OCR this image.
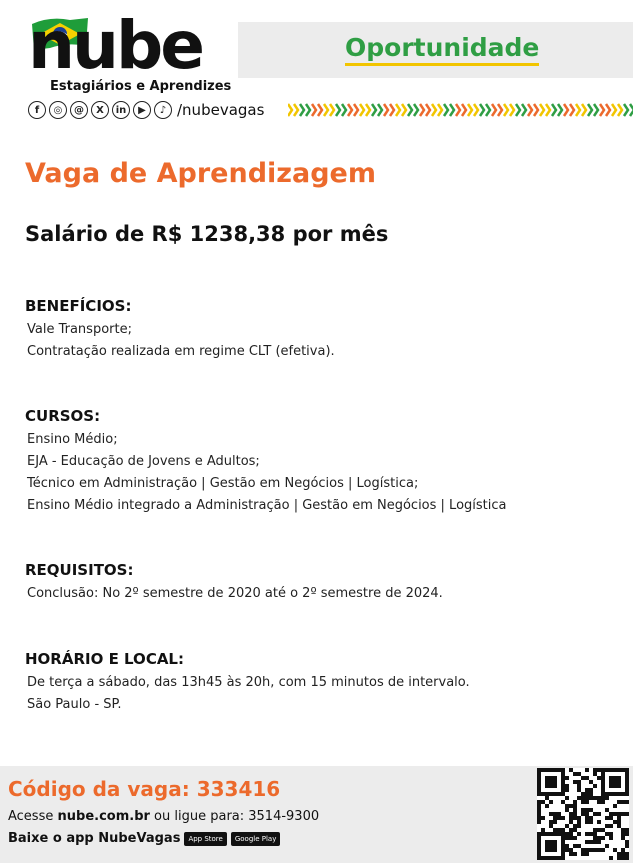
Oportunidade
nube
Estagiários e Aprendizes
f	◎	@	X	in	▶	♪ /nubevagas
Vaga de Aprendizagem
Salário de R$ 1238,38 por mês
BENEFÍCIOS:
Vale Transporte;
Contratação realizada em regime CLT (efetiva).
CURSOS:
Ensino Médio;
EJA - Educação de Jovens e Adultos;
Técnico em Administração | Gestão em Negócios | Logística;
Ensino Médio integrado a Administração | Gestão em Negócios | Logística
REQUISITOS:
Conclusão: No 2º semestre de 2020 até o 2º semestre de 2024.
HORÁRIO E LOCAL:
De terça a sábado, das 13h45 às 20h, com 15 minutos de intervalo.
São Paulo - SP.
Código da vaga: 333416
Acesse nube.com.br ou ligue para: 3514-9300
Baixe o app NubeVagas	App Store	Google Play
